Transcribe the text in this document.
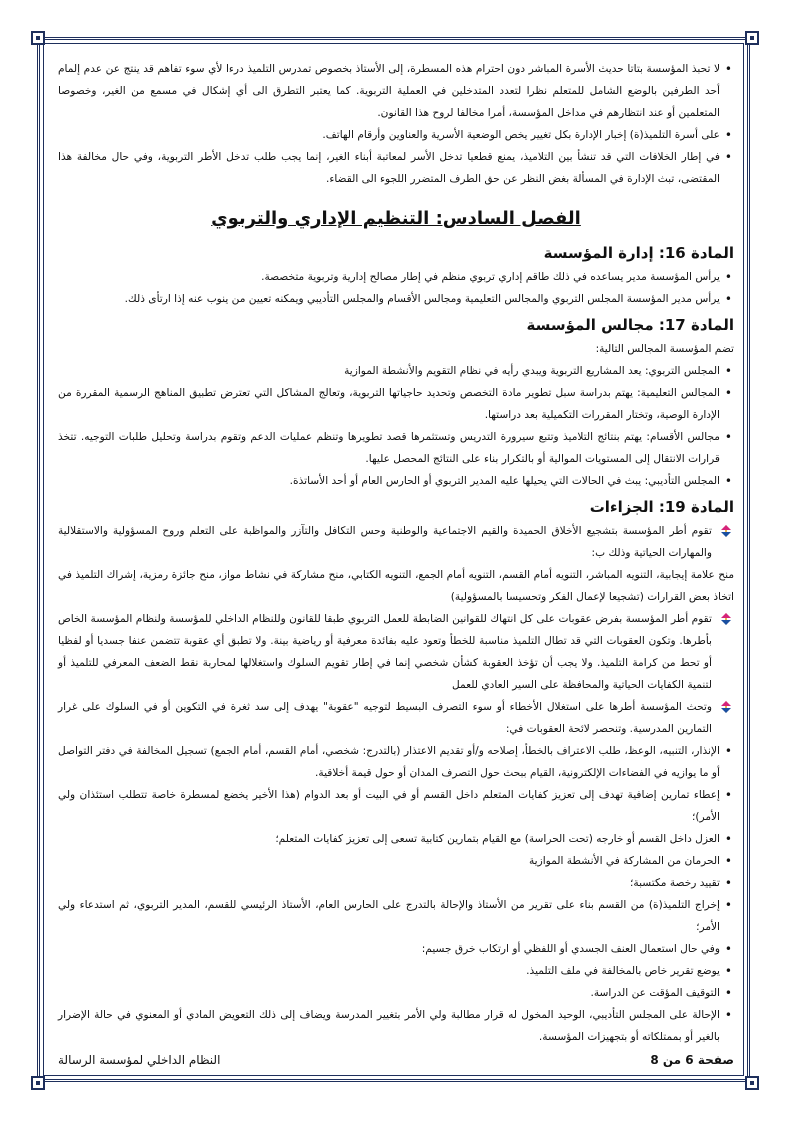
• لا تحبذ المؤسسة بتاتا حديث الأسرة المباشر دون احترام هذه المسطرة، إلى الأستاذ بخصوص تمدرس التلميذ درءا لأي سوء تفاهم قد ينتج عن عدم إلمام أحد الطرفين بالوضع الشامل للمتعلم نظرا لتعدد المتدخلين في العملية التربوية. كما يعتبر التطرق الى أي إشكال في مسمع من الغير، وخصوصا المتعلمين أو عند انتظارهم في مداخل المؤسسة، أمرا مخالفا لروح هذا القانون.
• على أسرة التلميذ(ة) إخبار الإدارة بكل تغيير يخص الوضعية الأسرية والعناوين وأرقام الهاتف.
• في إطار الخلافات التي قد تنشأ بين التلاميذ، يمنع قطعيا تدخل الأسر لمعاتبة أبناء الغير، إنما يجب طلب تدخل الأطر التربوية، وفي حال مخالفة هذا المقتضى، تبث الإدارة في المسألة بغض النظر عن حق الطرف المتضرر اللجوء الى القضاء.
الفصل السادس: التنظيم الإداري والتربوي
المادة 16: إدارة المؤسسة
• يرأس المؤسسة مدير يساعده في ذلك طاقم إداري تربوي منظم في إطار مصالح إدارية وتربوية متخصصة.
• يرأس مدير المؤسسة المجلس التربوي والمجالس التعليمية ومجالس الأقسام والمجلس التأديبي ويمكنه تعيين من ينوب عنه إذا ارتأى ذلك.
المادة 17: مجالس المؤسسة

تضم المؤسسة المجالس التالية:

• المجلس التربوي: يعد المشاريع التربوية ويبدي رأيه في نظام التقويم والأنشطة الموازية
• المجالس التعليمية: يهتم بدراسة سبل تطوير مادة التخصص وتحديد حاجياتها التربوية، وتعالج المشاكل التي تعترض تطبيق المناهج الرسمية المقررة من الإدارة الوصية، وتختار المقررات التكميلية بعد دراستها.
• مجالس الأقسام: يهتم بنتائج التلاميذ وتتبع سيرورة التدريس وتستثمرها قصد تطويرها وتنظم عمليات الدعم وتقوم بدراسة وتحليل طلبات التوجيه. تتخذ قرارات الانتقال إلى المستويات الموالية أو بالتكرار بناء على النتائج المحصل عليها.
• المجلس التأديبي: يبث في الحالات التي يحيلها عليه المدير التربوي أو الحارس العام أو أحد الأساتذة.
المادة 19: الجزاءات

تقوم أطر المؤسسة بتشجيع الأخلاق الحميدة والقيم الاجتماعية والوطنية وحس التكافل والتآزر والمواظبة على التعلم وروح المسؤولية والاستقلالية والمهارات الحياتية وذلك ب:

منح علامة إيجابية، التنويه المباشر، التنويه أمام القسم، التنويه أمام الجمع، التنويه الكتابي، منح مشاركة في نشاط مواز، منح جائزة رمزية، إشراك التلميذ في اتخاذ بعض القرارات (تشجيعا لإعمال الفكر وتحسيسا بالمسؤولية)

تقوم أطر المؤسسة بفرض عقوبات على كل انتهاك للقوانين الضابطة للعمل التربوي طبقا للقانون وللنظام الداخلي للمؤسسة ولنظام المؤسسة الخاص بأطرها. وتكون العقوبات التي قد تطال التلميذ مناسبة للخطأ وتعود عليه بفائدة معرفية أو رياضية بينة. ولا تطبق أي عقوبة تتضمن عنفا جسديا أو لفظيا أو تحط من كرامة التلميذ. ولا يجب أن تؤخذ العقوبة كشأن شخصي إنما في إطار تقويم السلوك واستغلالها لمحاربة نقط الضعف المعرفي للتلميذ أو لتنمية الكفايات الحياتية والمحافظة على السير العادي للعمل

وتحث المؤسسة أطرها على استغلال الأخطاء أو سوء التصرف البسيط لتوجيه "عقوبة" يهدف إلى سد ثغرة في التكوين أو في السلوك على غرار التمارين المدرسية. وتنحصر لائحة العقوبات في:

• الإنذار، التنبيه، الوعظ، طلب الاعتراف بالخطأ، إصلاحه و/أو تقديم الاعتذار (بالتدرج: شخصي، أمام القسم، أمام الجمع) تسجيل المخالفة في دفتر التواصل أو ما يوازيه في الفضاءات الإلكترونية، القيام ببحث حول التصرف المدان أو حول قيمة أخلاقية.
• إعطاء تمارين إضافية تهدف إلى تعزيز كفايات المتعلم داخل القسم أو في البيت أو بعد الدوام (هذا الأخير يخضع لمسطرة خاصة تتطلب استئذان ولي الأمر)؛
• العزل داخل القسم أو خارجه (تحت الحراسة) مع القيام بتمارين كتابية تسعى إلى تعزيز كفايات المتعلم؛
• الحرمان من المشاركة في الأنشطة الموازية
• تقييد رخصة مكتسبة؛
• إخراج التلميذ(ة) من القسم بناء على تقرير من الأستاذ والإحالة بالتدرج على الحارس العام، الأستاذ الرئيسي للقسم، المدير التربوي، ثم استدعاء ولي الأمر؛
• وفي حال استعمال العنف الجسدي أو اللفظي أو ارتكاب خرق جسيم:
• يوضع تقرير خاص بالمخالفة في ملف التلميذ.
• التوقيف المؤقت عن الدراسة.
• الإحالة على المجلس التأديبي، الوحيد المخول له قرار مطالبة ولي الأمر بتغيير المدرسة ويضاف إلى ذلك التعويض المادي أو المعنوي في حالة الإضرار بالغير أو بممتلكاته أو بتجهيزات المؤسسة.
النظام الداخلي لمؤسسة الرسالة	صفحة 6 من 8
